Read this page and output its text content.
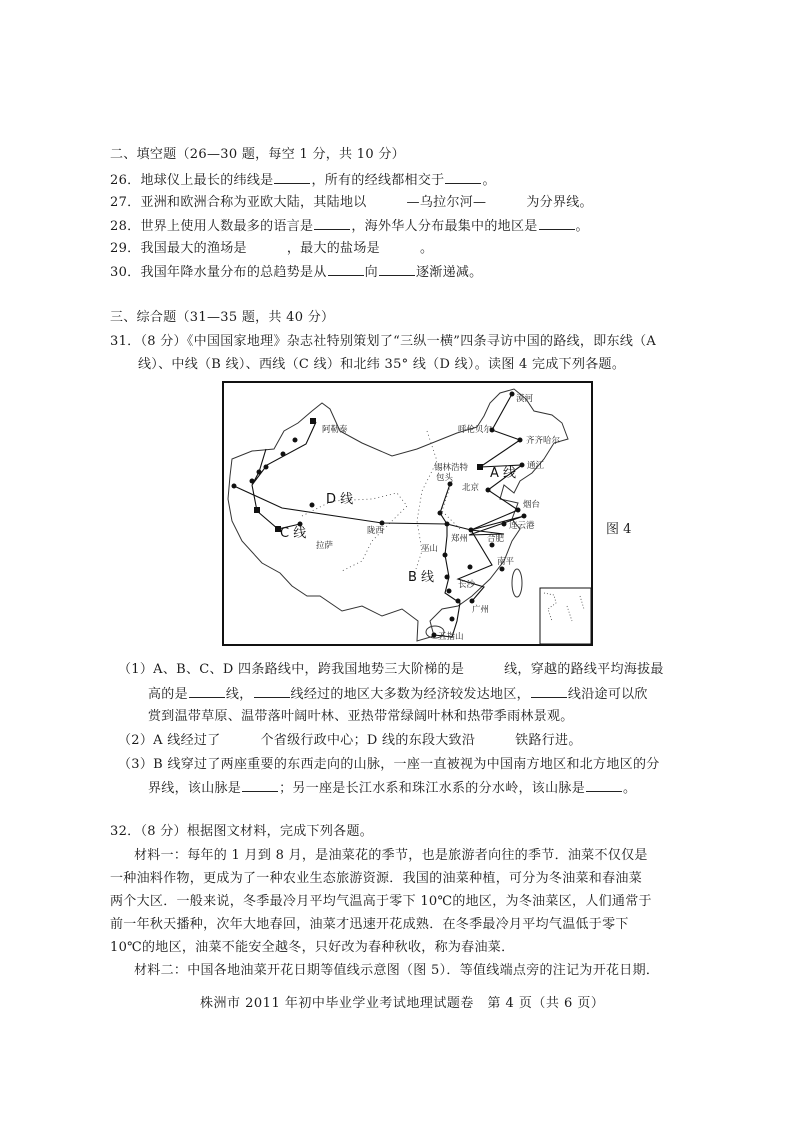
二、填空题（26—30 题，每空 1 分，共 10 分）
26．地球仪上最长的纬线是	，所有的经线都相交于	。
27．亚洲和欧洲合称为亚欧大陆，其陆地以	—乌拉尔河—	为分界线。
28．世界上使用人数最多的语言是	，海外华人分布最集中的地区是	。
29．我国最大的渔场是	，最大的盐场是	。
30．我国年降水量分布的总趋势是从	向	逐渐递减。
三、综合题（31—35 题，共 40 分）
31．（8 分）《中国国家地理》杂志社特别策划了“三纵一横”四条寻访中国的路线，即东线（A
线）、中线（B 线）、西线（C 线）和北纬 35° 线（D 线）。读图 4 完成下列各题。
阿勒泰
漠河
呼伦贝尔
齐齐哈尔
锡林浩特	通江
包头
北京
烟台
连云港
陇西
郑州 合肥
巫山
长沙
南平
广州
五指山
拉萨
A 线
B 线
C 线
D 线
图 4
（1）A、B、C、D 四条路线中，跨我国地势三大阶梯的是	线，穿越的路线平均海拔最
高的是	线，	线经过的地区大多数为经济较发达地区，	线沿途可以欣
赏到温带草原、温带落叶阔叶林、亚热带常绿阔叶林和热带季雨林景观。
（2）A 线经过了	个省级行政中心；D 线的东段大致沿	铁路行进。
（3）B 线穿过了两座重要的东西走向的山脉，一座一直被视为中国南方地区和北方地区的分
界线，该山脉是	；另一座是长江水系和珠江水系的分水岭，该山脉是	。
32．（8 分）根据图文材料，完成下列各题。
材料一：每年的 1 月到 8 月，是油菜花的季节，也是旅游者向往的季节．油菜不仅仅是
一种油料作物，更成为了一种农业生态旅游资源．我国的油菜种植，可分为冬油菜和春油菜
两个大区．一般来说，冬季最冷月平均气温高于零下 10℃的地区，为冬油菜区，人们通常于
前一年秋天播种，次年大地春回，油菜才迅速开花成熟．在冬季最冷月平均气温低于零下
10℃的地区，油菜不能安全越冬，只好改为春种秋收，称为春油菜．
材料二：中国各地油菜开花日期等值线示意图（图 5）．等值线端点旁的注记为开花日期．
株洲市 2011 年初中毕业学业考试地理试题卷　第 4 页（共 6 页）
